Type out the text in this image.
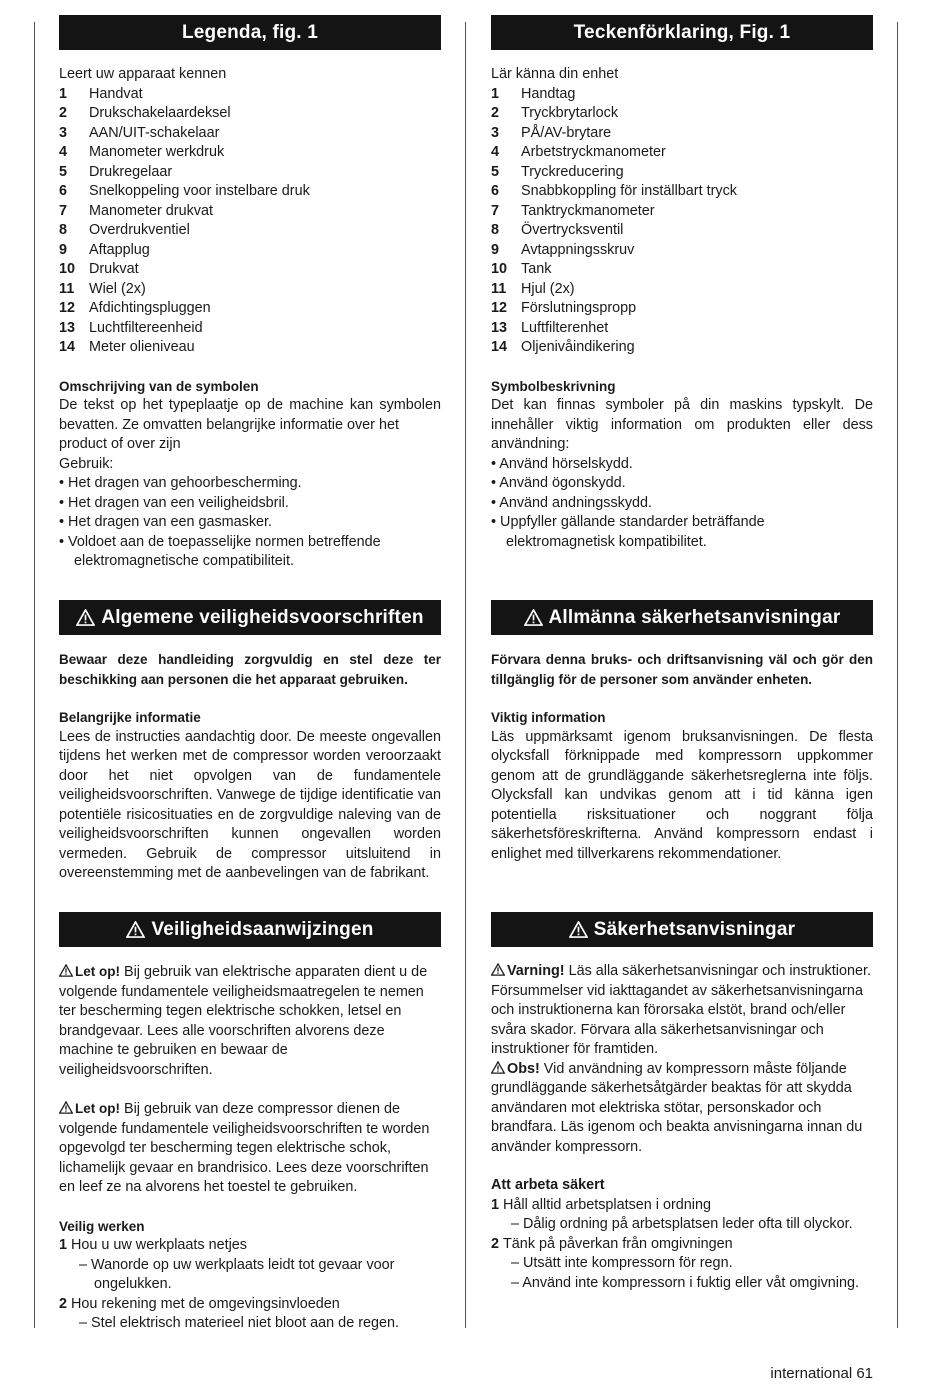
Legenda, fig. 1

Leert uw apparaat kennen

1	Handvat
2	Drukschakelaardeksel
3	AAN/UIT-schakelaar
4	Manometer werkdruk
5	Drukregelaar
6	Snelkoppeling voor instelbare druk
7	Manometer drukvat
8	Overdrukventiel
9	Aftapplug
10 Drukvat
11	Wiel (2x)
12 Afdichtingspluggen
13 Luchtfiltereenheid
14 Meter olieniveau

Omschrijving van de symbolen

De tekst op het typeplaatje op de machine kan symbolen bevatten. Ze omvatten belangrijke informatie over het

product of over zijn

Gebruik:

• Het dragen van gehoorbescherming.
• Het dragen van een veiligheidsbril.
• Het dragen van een gasmasker.
• Voldoet aan de toepasselijke normen betreffende elektromagnetische compatibiliteit.
Algemene veiligheidsvoorschriften

Bewaar deze handleiding zorgvuldig en stel deze ter beschikking aan personen die het apparaat gebruiken.

Belangrijke informatie

Lees de instructies aandachtig door. De meeste ongevallen tijdens het werken met de compressor worden veroorzaakt door het niet opvolgen van de fundamentele veiligheidsvoorschriften. Vanwege de tijdige identificatie van potentiële risicosituaties en de zorgvuldige naleving van de veiligheidsvoorschriften kunnen ongevallen worden vermeden. Gebruik de compressor uitsluitend in overeenstemming met de aanbevelingen van de fabrikant.

Veiligheidsaanwijzingen

Let op! Bij gebruik van elektrische apparaten dient u de volgende fundamentele veiligheidsmaatregelen te nemen ter bescherming tegen elektrische schokken, letsel en brandgevaar. Lees alle voorschriften alvorens deze machine te gebruiken en bewaar de veiligheidsvoorschriften.

Let op! Bij gebruik van deze compressor dienen de volgende fundamentele veiligheidsvoorschriften te worden opgevolgd ter bescherming tegen elektrische schok, lichamelijk gevaar en brandrisico. Lees deze voorschriften en leef ze na alvorens het toestel te gebruiken.

Veilig werken

1 Hou u uw werkplaats netjes

– Wanorde op uw werkplaats leidt tot gevaar voor ongelukken.

2 Hou rekening met de omgevingsinvloeden

– Stel elektrisch materieel niet bloot aan de regen.

Teckenförklaring, Fig. 1

Lär känna din enhet

1	Handtag
2	Tryckbrytarlock
3	PÅ/AV-brytare
4	Arbetstryckmanometer
5	Tryckreducering
6	Snabbkoppling för inställbart tryck
7	Tanktryckmanometer
8	Övertrycksventil
9	Avtappningsskruv
10 Tank
11	Hjul (2x)
12 Förslutningspropp
13 Luftfilterenhet
14 Oljenivåindikering

Symbolbeskrivning

Det kan finnas symboler på din maskins typskylt. De innehåller viktig information om produkten eller dess användning:

• Använd hörselskydd.
• Använd ögonskydd.
• Använd andningsskydd.
• Uppfyller gällande standarder beträffande elektromagnetisk kompatibilitet.
Allmänna säkerhetsanvisningar

Förvara denna bruks- och driftsanvisning väl och gör den tillgänglig för de personer som använder enheten.

Viktig information

Läs uppmärksamt igenom bruksanvisningen. De flesta olycksfall förknippade med kompressorn uppkommer genom att de grundläggande säkerhetsreglerna inte följs. Olycksfall kan undvikas genom att i tid känna igen potentiella risksituationer och noggrant följa säkerhetsföreskrifterna. Använd kompressorn endast i enlighet med tillverkarens rekommendationer.

Säkerhetsanvisningar

Varning! Läs alla säkerhetsanvisningar och instruktioner. Försummelser vid iakttagandet av säkerhetsanvisningarna och instruktionerna kan förorsaka elstöt, brand och/eller svåra skador. Förvara alla säkerhetsanvisningar och instruktioner för framtiden.

Obs! Vid användning av kompressorn måste följande grundläggande säkerhetsåtgärder beaktas för att skydda användaren mot elektriska stötar, personskador och brandfara. Läs igenom och beakta anvisningarna innan du använder kompressorn.

Att arbeta säkert

1 Håll alltid arbetsplatsen i ordning

– Dålig ordning på arbetsplatsen leder ofta till olyckor.

2 Tänk på påverkan från omgivningen

– Utsätt inte kompressorn för regn.

– Använd inte kompressorn i fuktig eller våt omgivning.

international 61
